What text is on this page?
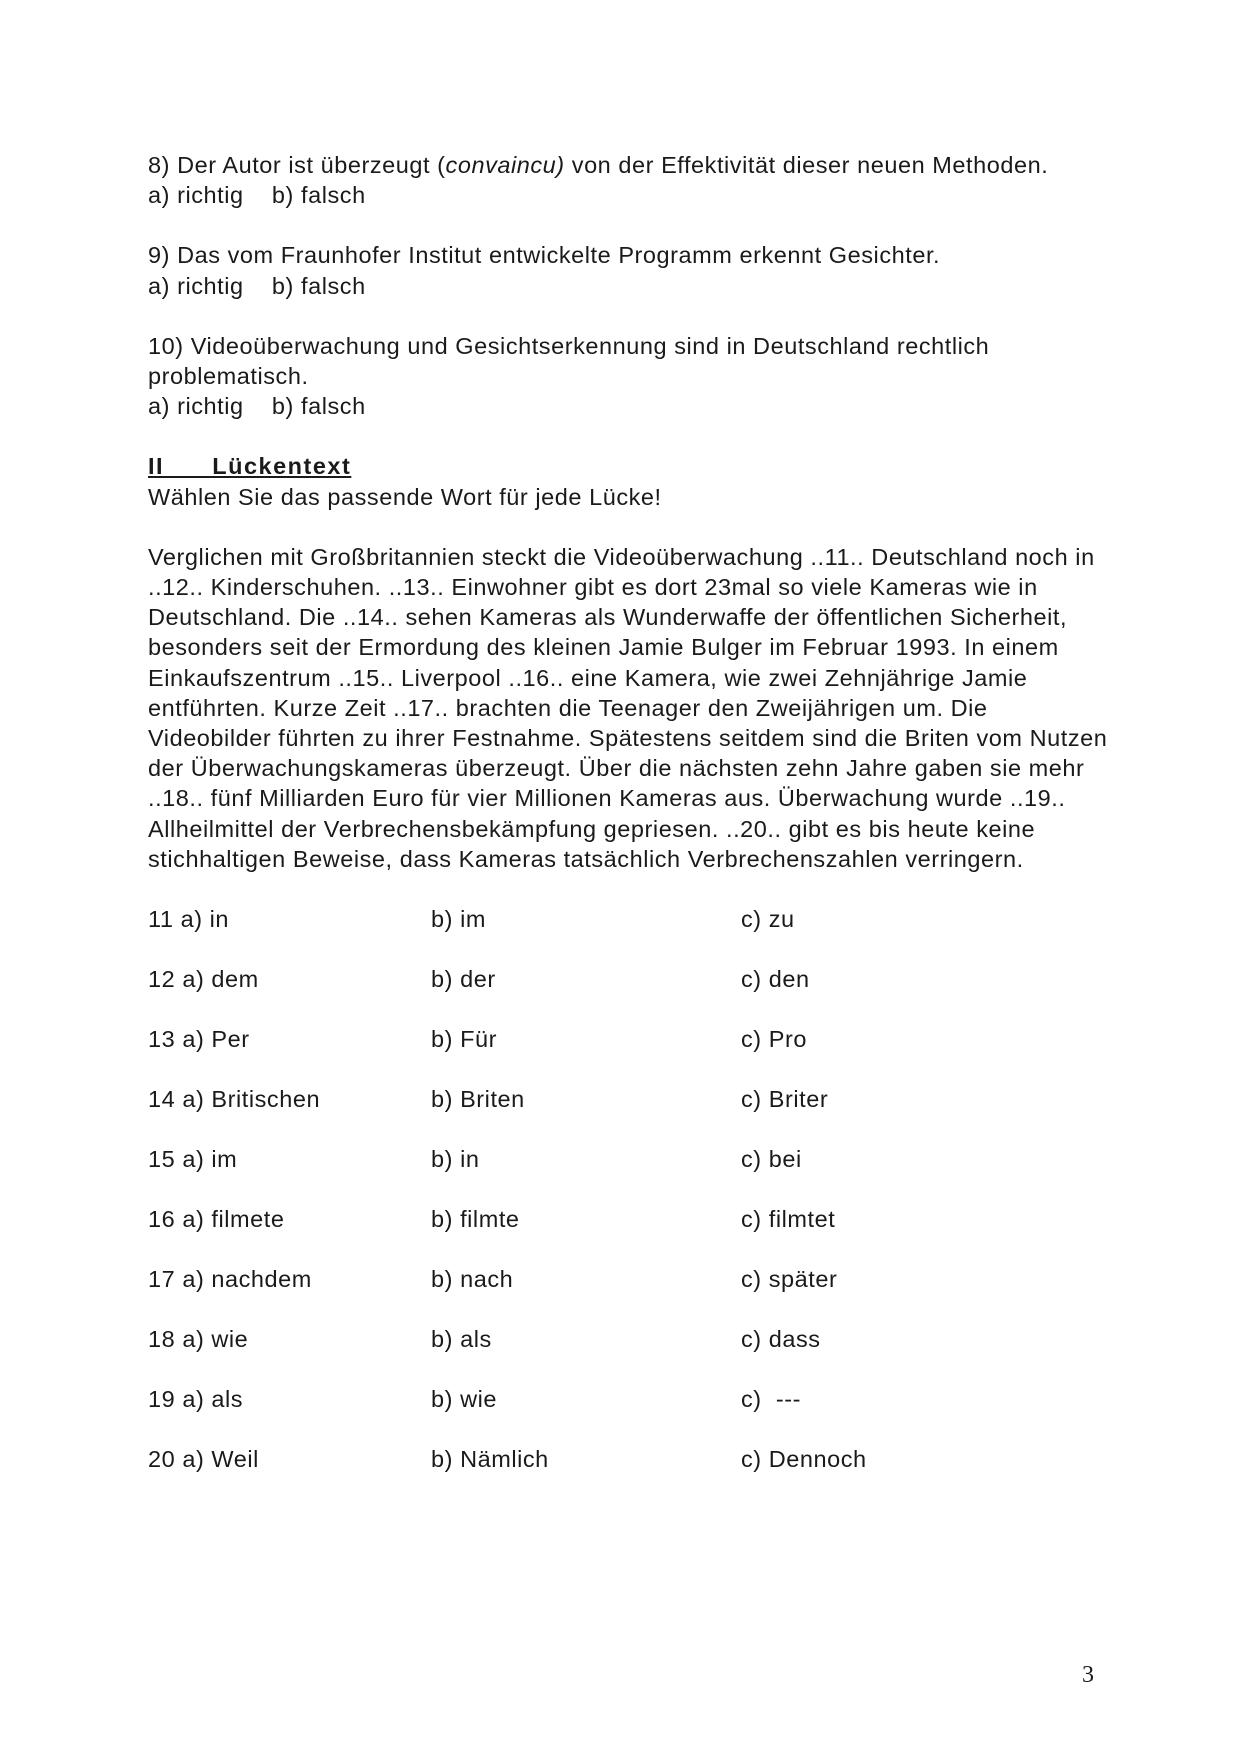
8) Der Autor ist überzeugt (convaincu) von der Effektivität dieser neuen Methoden.

a) richtig    b) falsch

9) Das vom Fraunhofer Institut entwickelte Programm erkennt Gesichter.

a) richtig    b) falsch

10) Videoüberwachung und Gesichtserkennung sind in Deutschland rechtlich problematisch.

a) richtig    b) falsch

II      Lückentext

Wählen Sie das passende Wort für jede Lücke!

Verglichen mit Großbritannien steckt die Videoüberwachung ..11.. Deutschland noch in ..12.. Kinderschuhen. ..13.. Einwohner gibt es dort 23mal so viele Kameras wie in Deutschland. Die ..14.. sehen Kameras als Wunderwaffe der öffentlichen Sicherheit, besonders seit der Ermordung des kleinen Jamie Bulger im Februar 1993. In einem Einkaufszentrum ..15.. Liverpool ..16.. eine Kamera, wie zwei Zehnjährige Jamie entführten. Kurze Zeit ..17.. brachten die Teenager den Zweijährigen um. Die Videobilder führten zu ihrer Festnahme. Spätestens seitdem sind die Briten vom Nutzen der Überwachungskameras überzeugt. Über die nächsten zehn Jahre gaben sie mehr ..18.. fünf Milliarden Euro für vier Millionen Kameras aus. Überwachung wurde ..19.. Allheilmittel der Verbrechensbekämpfung gepriesen. ..20.. gibt es bis heute keine stichhaltigen Beweise, dass Kameras tatsächlich Verbrechenszahlen verringern.

11 a) in	b) im	c) zu
12 a) dem	b) der	c) den
13 a) Per	b) Für	c) Pro
14 a) Britischen	b) Briten	c) Briter
15 a) im	b) in	c) bei
16 a) filmete	b) filmte	c) filmtet
17 a) nachdem	b) nach	c) später
18 a) wie	b) als	c) dass
19 a) als	b) wie	c)  ---
20 a) Weil	b) Nämlich	c) Dennoch
3
